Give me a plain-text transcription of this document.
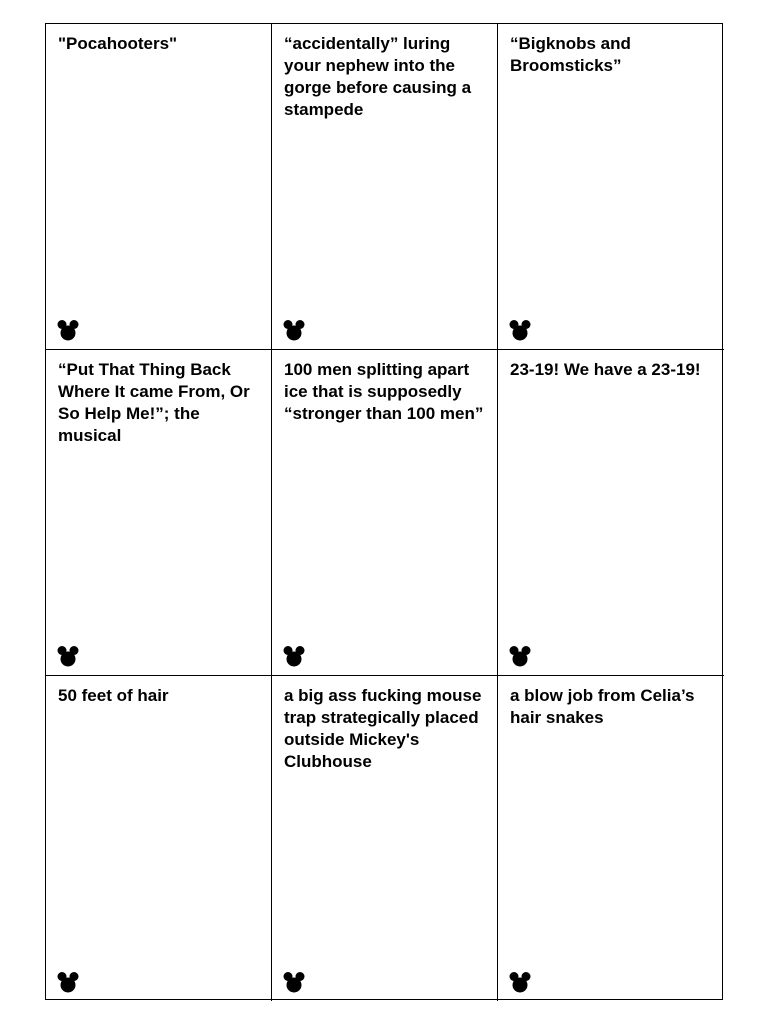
"Pocahooters"	“accidentally” luring your nephew into the gorge before causing a stampede
“Bigknobs and Broomsticks”
“Put That Thing Back Where It came From, Or So Help Me!”; the musical
100 men splitting apart ice that is supposedly “stronger than 100 men”
23-19! We have a 23-19!
50 feet of hair	a big ass fucking mouse trap strategically placed outside Mickey's Clubhouse
a blow job from Celia’s hair snakes
